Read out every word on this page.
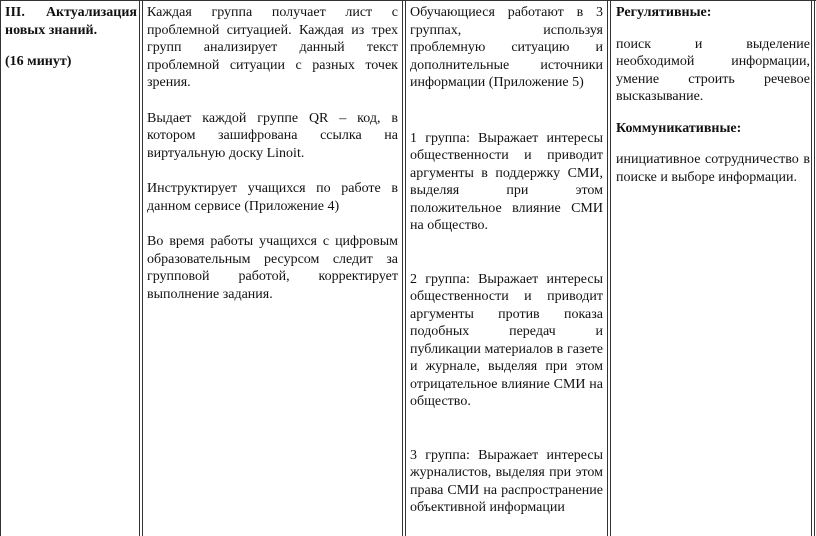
III. Актуализация новых знаний.

(16 минут)

Каждая группа получает лист с проблемной ситуацией. Каждая из трех групп анализирует данный текст проблемной ситуации с разных точек зрения.

Выдает каждой группе QR – код, в котором зашифрована ссылка на виртуальную доску Linoit.

Инструктирует учащихся по работе в данном сервисе (Приложение 4)

Во время работы учащихся с цифровым образовательным ресурсом следит за групповой работой, корректирует выполнение задания.

Обучающиеся работают в 3 группах, используя проблемную ситуацию и дополнительные источники информации (Приложение 5)

1 группа: Выражает интересы общественности и приводит аргументы в поддержку СМИ, выделяя при этом положительное влияние СМИ на общество.

2 группа: Выражает интересы общественности и приводит аргументы против показа подобных передач и публикации материалов в газете и журнале, выделяя при этом отрицательное влияние СМИ на общество.

3 группа: Выражает интересы журналистов, выделяя при этом права СМИ на распространение объективной информации

Регулятивные:

поиск и выделение необходимой информации, умение строить речевое высказывание.

Коммуникативные:

инициативное сотрудничество в поиске и выборе информации.
